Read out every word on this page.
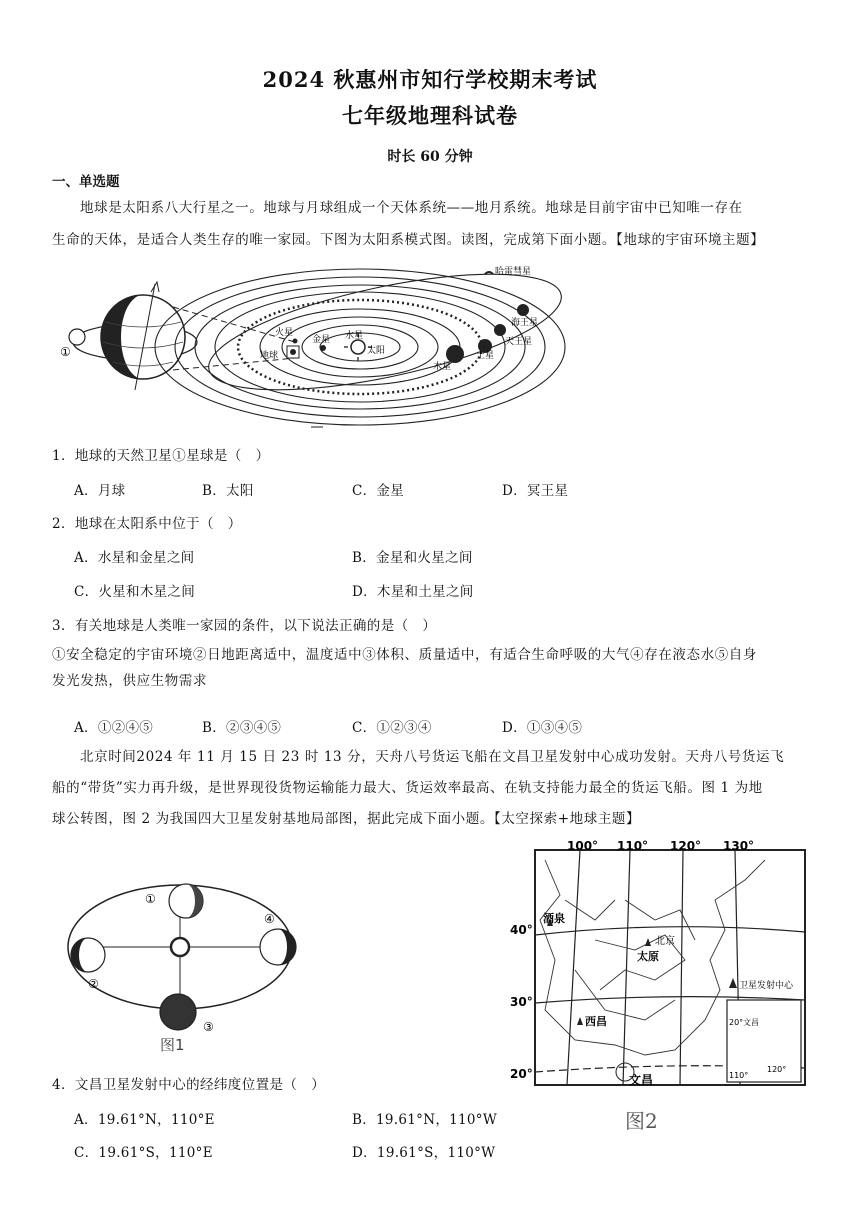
2024 秋惠州市知行学校期末考试
七年级地理科试卷
时长 60 分钟
一、单选题
地球是太阳系八大行星之一。地球与月球组成一个天体系统——地月系统。地球是目前宇宙中已知唯一存在
生命的天体，是适合人类生存的唯一家园。下图为太阳系模式图。读图，完成第下面小题。【地球的宇宙环境主题】
①	太阳
水星
金星
地球
火星
木星
土星
天王星
海王星
哈雷彗星
1．地球的天然卫星①星球是（　）
A．月球	B．太阳	C．金星	D．冥王星
2．地球在太阳系中位于（　）
A．水星和金星之间	B．金星和火星之间
C．火星和木星之间	D．木星和土星之间
3．有关地球是人类唯一家园的条件，以下说法正确的是（　）
①安全稳定的宇宙环境②日地距离适中，温度适中③体积、质量适中，有适合生命呼吸的大气④存在液态水⑤自身
发光发热，供应生物需求
A．①②④⑤	B．②③④⑤	C．①②③④	D．①③④⑤
北京时间2024 年 11 月 15 日 23 时 13 分，天舟八号货运飞船在文昌卫星发射中心成功发射。天舟八号货运飞
船的“带货”实力再升级，是世界现役货物运输能力最大、货运效率最高、在轨支持能力最全的货运飞船。图 1 为地
球公转图，图 2 为我国四大卫星发射基地局部图，据此完成下面小题。【太空探索+地球主题】
①
②
③
④
图1
100° 110° 120° 130°
40°
30°
20°
20° 文昌
110°
120°
卫星发射中心
酒泉
太原
北京
西昌
文昌
图2
4．文昌卫星发射中心的经纬度位置是（　）
A．19.61°N，110°E	B．19.61°N，110°W
C．19.61°S，110°E	D．19.61°S，110°W
